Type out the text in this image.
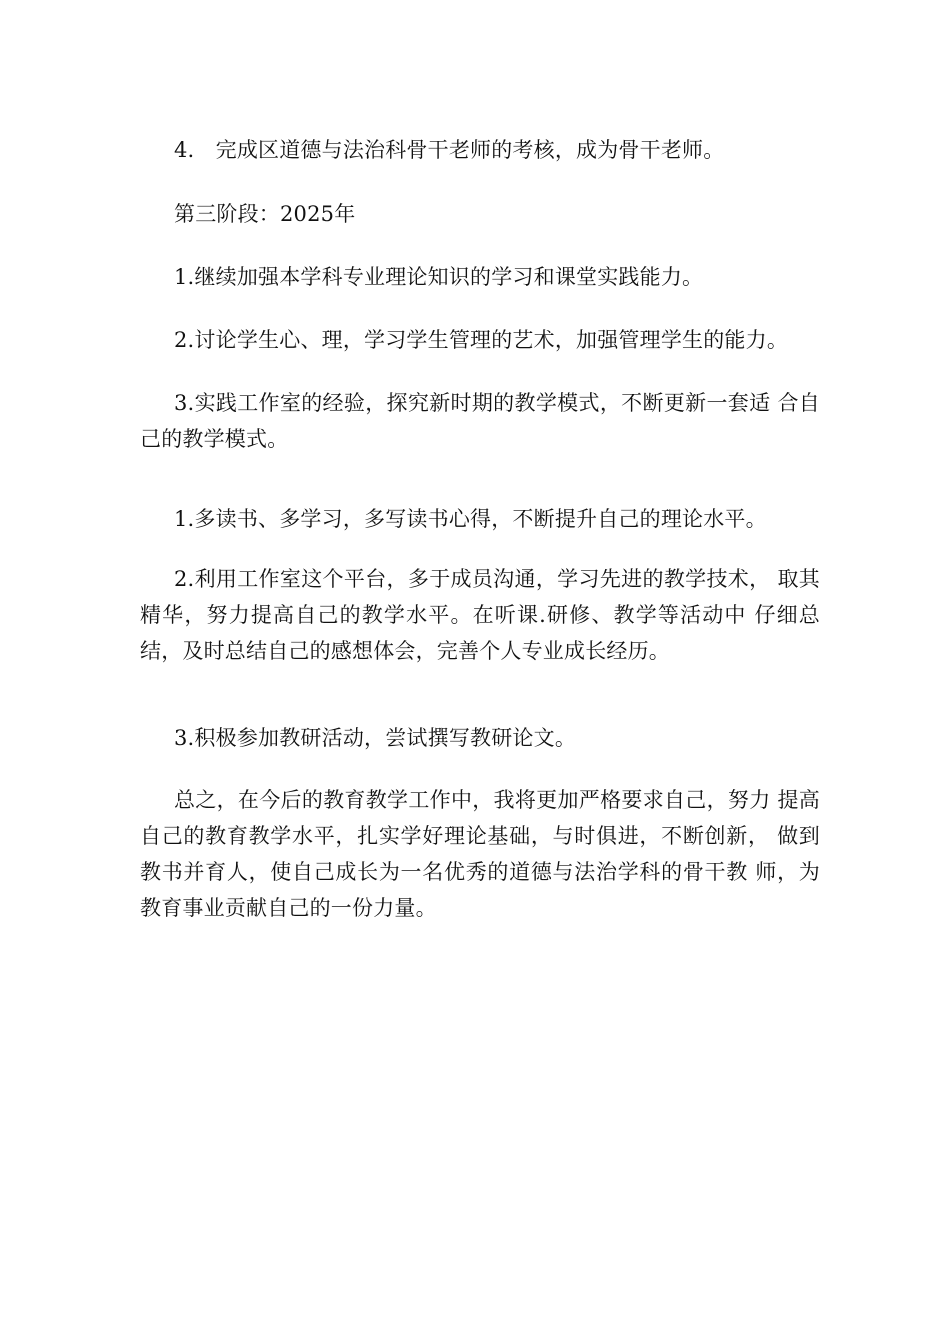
4.　完成区道德与法治科骨干老师的考核，成为骨干老师。

第三阶段：2025年

1.继续加强本学科专业理论知识的学习和课堂实践能力。

2.讨论学生心、理，学习学生管理的艺术，加强管理学生的能力。

3.实践工作室的经验，探究新时期的教学模式，不断更新一套适 合自己的教学模式。

1.多读书、多学习，多写读书心得，不断提升自己的理论水平。

2.利用工作室这个平台，多于成员沟通，学习先进的教学技术， 取其精华，努力提高自己的教学水平。在听课.研修、教学等活动中 仔细总结，及时总结自己的感想体会，完善个人专业成长经历。

3.积极参加教研活动，尝试撰写教研论文。

总之，在今后的教育教学工作中，我将更加严格要求自己，努力 提高自己的教育教学水平，扎实学好理论基础，与时俱进，不断创新， 做到教书并育人，使自己成长为一名优秀的道德与法治学科的骨干教 师，为教育事业贡献自己的一份力量。
